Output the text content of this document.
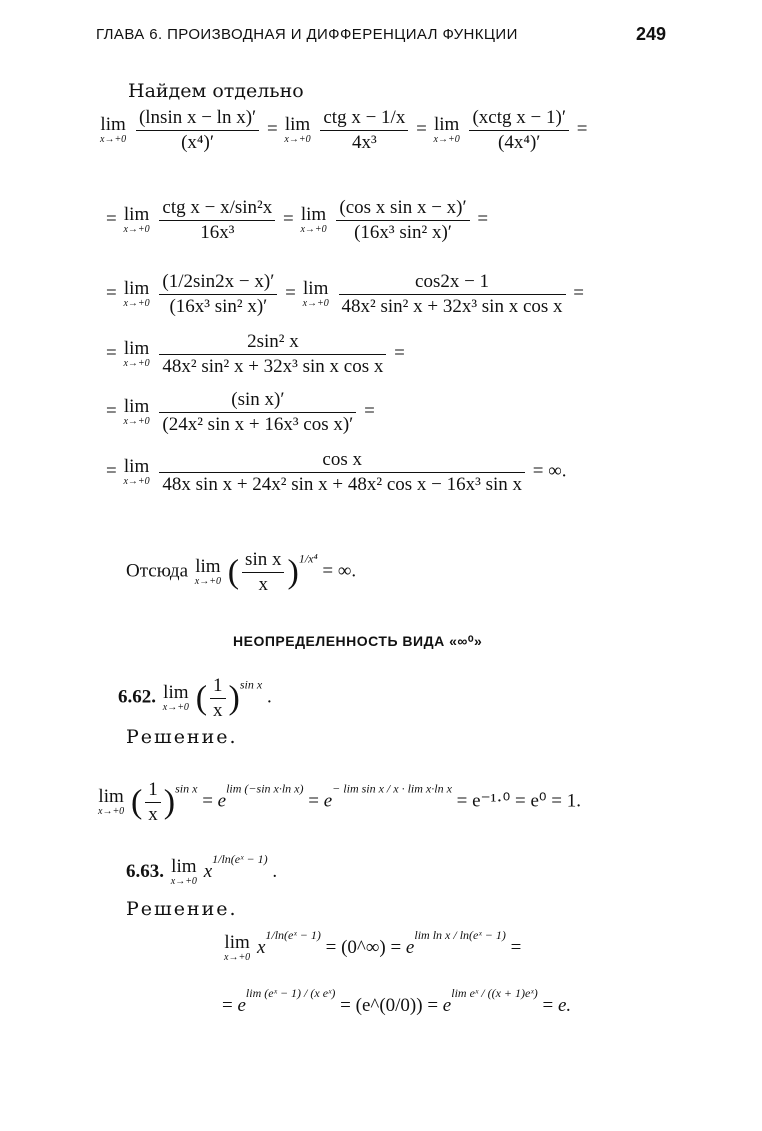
ГЛАВА 6. ПРОИЗВОДНАЯ И ДИФФЕРЕНЦИАЛ ФУНКЦИИ	249
Найдем отдельно
lim
x→+0
$\frac{\text{(lnsin x − ln x)′}}{\text{(x⁴)′}} = \lim$
x→+0
$\frac{\text{ctg x − 1/x}}{\text{4x³}} = \lim$
x→+0
$\frac{\text{(xctg x − 1)′}}{\text{(4x⁴)′}}$ =
= lim
x→+0
$\frac{\text{ctg x − x/sin²x}}{\text{16x³}} = \lim$
x→+0
$\frac{\text{(cos x sin x − x)′}}{\text{(16x³ sin² x)′}}$ =
= lim
x→+0
$\frac{(1/2\sin 2x - x)'}{\text{(16x³ sin² x)′}} = \lim$
x→+0
$\frac{\cos 2x - 1}{\text{48x² sin² x + 32x³ sin x cos x}}$ =
= lim
x→+0
$\frac{\text{2sin² x}}{\text{48x² sin² x + 32x³ sin x cos x}}$ =
= lim
x→+0
$\frac{\text{(sin x)′}}{\text{(24x² sin x + 16x³ cos x)′}}$ =
= lim
x→+0
$\frac{\text{cos x}}{\text{48x sin x + 24x² sin x + 48x² cos x − 16x³ sin x}}$ = ∞.
Отсюда lim
x→+0 ( $\frac{\text{sin x}}{x} )^{1/x^4}$ = ∞.
НЕОПРЕДЕЛЕННОСТЬ ВИДА «∞⁰»
6.62. lim
x→+0 ( $\frac{1}{x} )^{sin x}$ .
Решение.
lim
x→+0 ( $\frac{1}{x} )^{sin x} = e^{lim (-sin x\cdot ln x)} = e^{- lim sin x / x \cdot lim x\cdot ln x} = e^{-1}\cdot^0 = e^0 = 1$.
6.63. lim
x→+0 $x^{1/ln(eˣ - 1)}$ .
Решение.
lim
x→+0 $x^{1/ln(eˣ - 1)}$ = (0^∞) = $e^{lim ln x / ln(eˣ - 1)}$ =
= $e^{lim (eˣ - 1) / (x eˣ)}$ = (e^(0/0)) = $e^{lim eˣ / ((x + 1)eˣ)} = e$.
